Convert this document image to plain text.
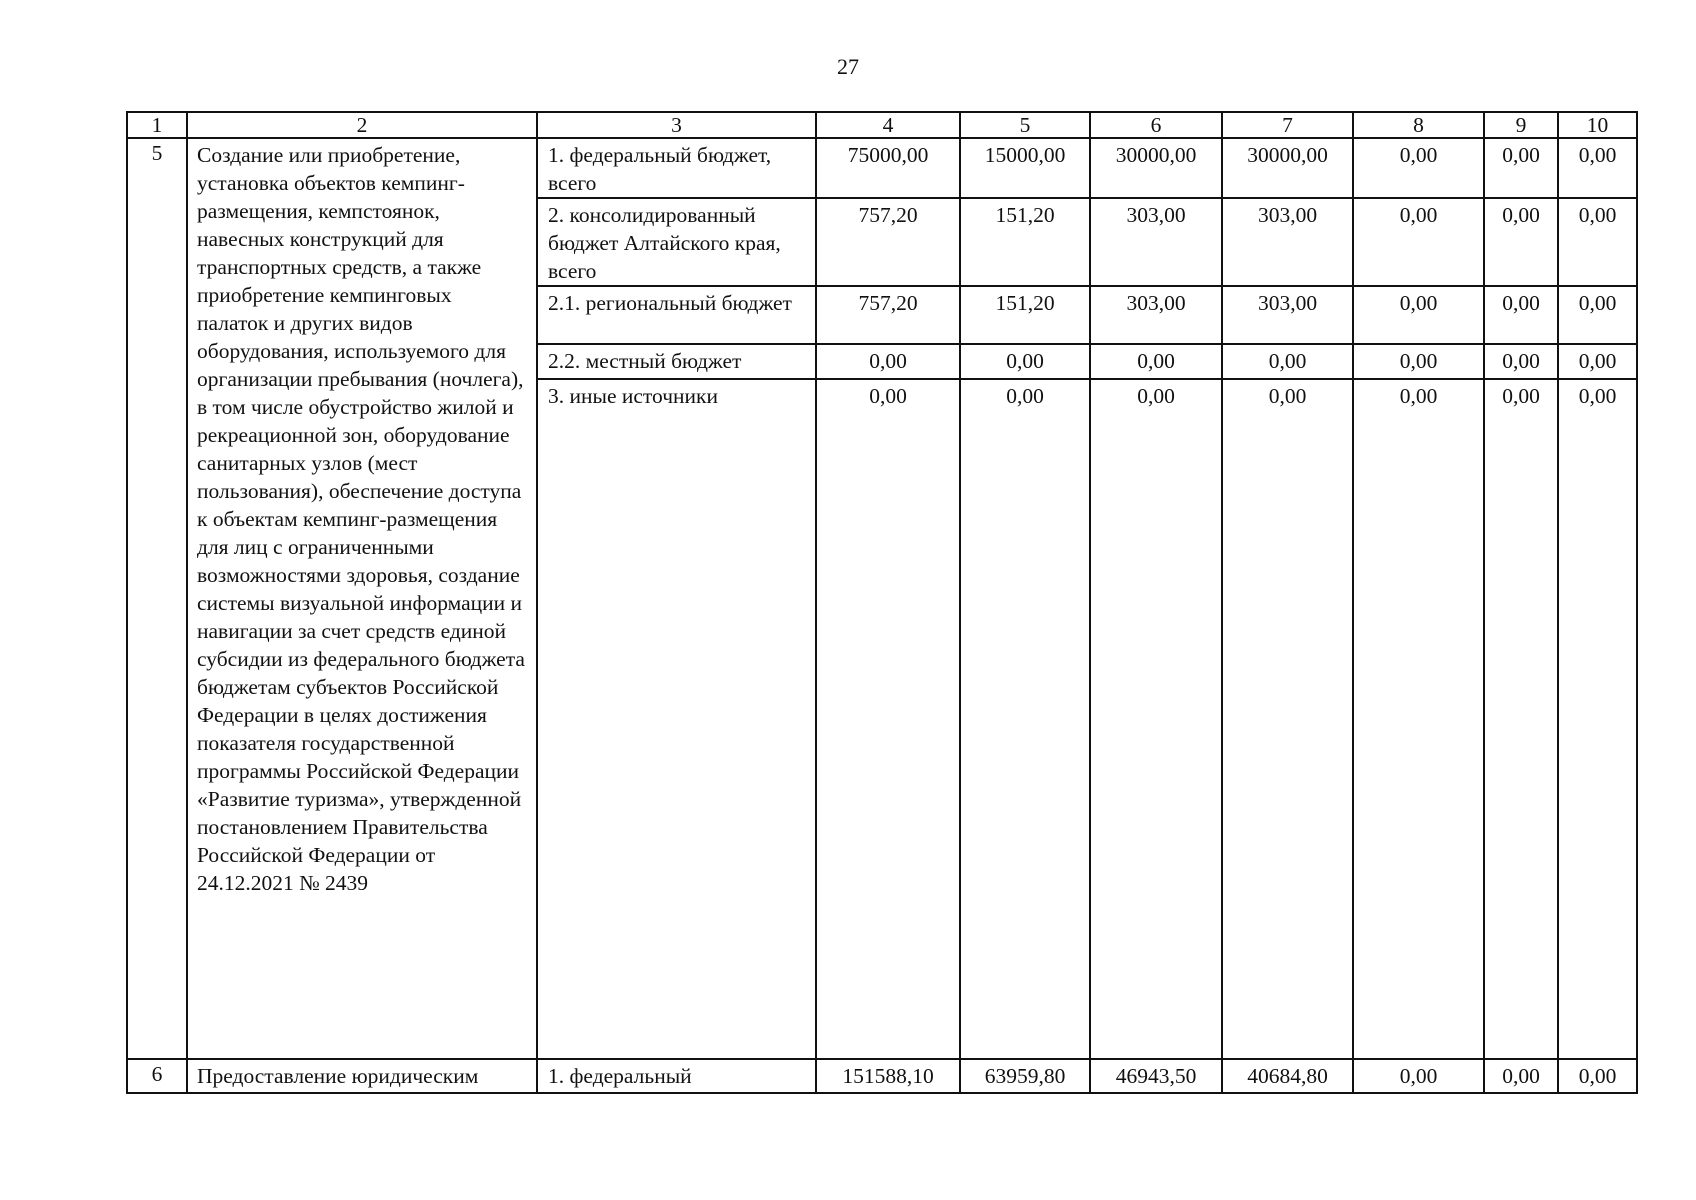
27
1	2	3	4	5	6	7	8	9	10
5	Создание или приобретение, установка объектов кемпинг-размещения, кемпстоянок, навесных конструкций для транспортных средств, а также приобретение кемпинговых палаток и других видов оборудования, используемого для организации пребывания (ночлега), в том числе обустройство жилой и рекреационной зон, оборудование санитарных узлов (мест пользования), обеспечение доступа к объектам кемпинг-размещения для лиц с ограниченными возможностями здоровья, создание системы визуальной информации и навигации за счет средств единой субсидии из федерального бюджета бюджетам субъектов Российской Федерации в целях достижения показателя государственной программы Российской Федерации «Развитие туризма», утвержденной постановлением Правительства Российской Федерации от 24.12.2021 № 2439	1. федеральный бюджет, всего	75000,00	15000,00	30000,00	30000,00	0,00	0,00	0,00
		2. консолидированный бюджет Алтайского края, всего	757,20	151,20	303,00	303,00	0,00	0,00	0,00
		2.1. региональный бюджет	757,20	151,20	303,00	303,00	0,00	0,00	0,00
		2.2. местный бюджет	0,00	0,00	0,00	0,00	0,00	0,00	0,00
		3. иные источники	0,00	0,00	0,00	0,00	0,00	0,00	0,00
6	Предоставление юридическим	1. федеральный	151588,10	63959,80	46943,50	40684,80	0,00	0,00	0,00
